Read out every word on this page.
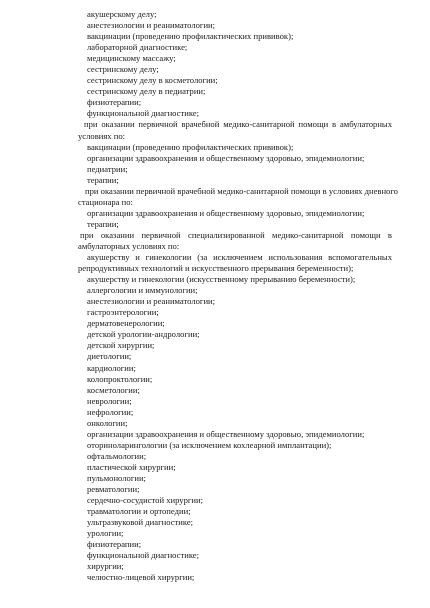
акушерскому делу;
анестезиологии и реаниматологии;
вакцинации (проведению профилактических прививок);
лабораторной диагностике;
медицинскому массажу;
сестринскому делу;
сестринскому делу в косметологии;
сестринскому делу в педиатрии;
физиотерапии;
функциональной диагностике;
при оказании первичной врачебной медико-санитарной помощи в амбулаторных
условиях по:
вакцинации (проведению профилактических прививок);
организации здравоохранения и общественному здоровью, эпидемиологии;
педиатрии;
терапии;
при оказании первичной врачебной медико-санитарной помощи в условиях дневного
стационара по:
организации здравоохранения и общественному здоровью, эпидемиологии;
терапии;
при оказании первичной специализированной медико-санитарной помощи в
амбулаторных условиях по:
акушерству и гинекологии (за исключением использования вспомогательных
репродуктивных технологий и искусственного прерывания беременности);
акушерству и гинекологии (искусственному прерыванию беременности);
аллергологии и иммунологии;
анестезиологии и реаниматологии;
гастроэнтерологии;
дерматовенерологии;
детской урологии-андрологии;
детской хирургии;
диетологии;
кардиологии;
колопроктологии;
косметологии;
неврологии;
нефрологии;
онкологии;
организации здравоохранения и общественному здоровью, эпидемиологии;
оториноларингологии (за исключением кохлеарной имплантации);
офтальмологии;
пластической хирургии;
пульмонологии;
ревматологии;
сердечно-сосудистой хирургии;
травматологии и ортопедии;
ультразвуковой диагностике;
урологии;
физиотерапии;
функциональной диагностике;
хирургии;
челюстно-лицевой хирургии;
